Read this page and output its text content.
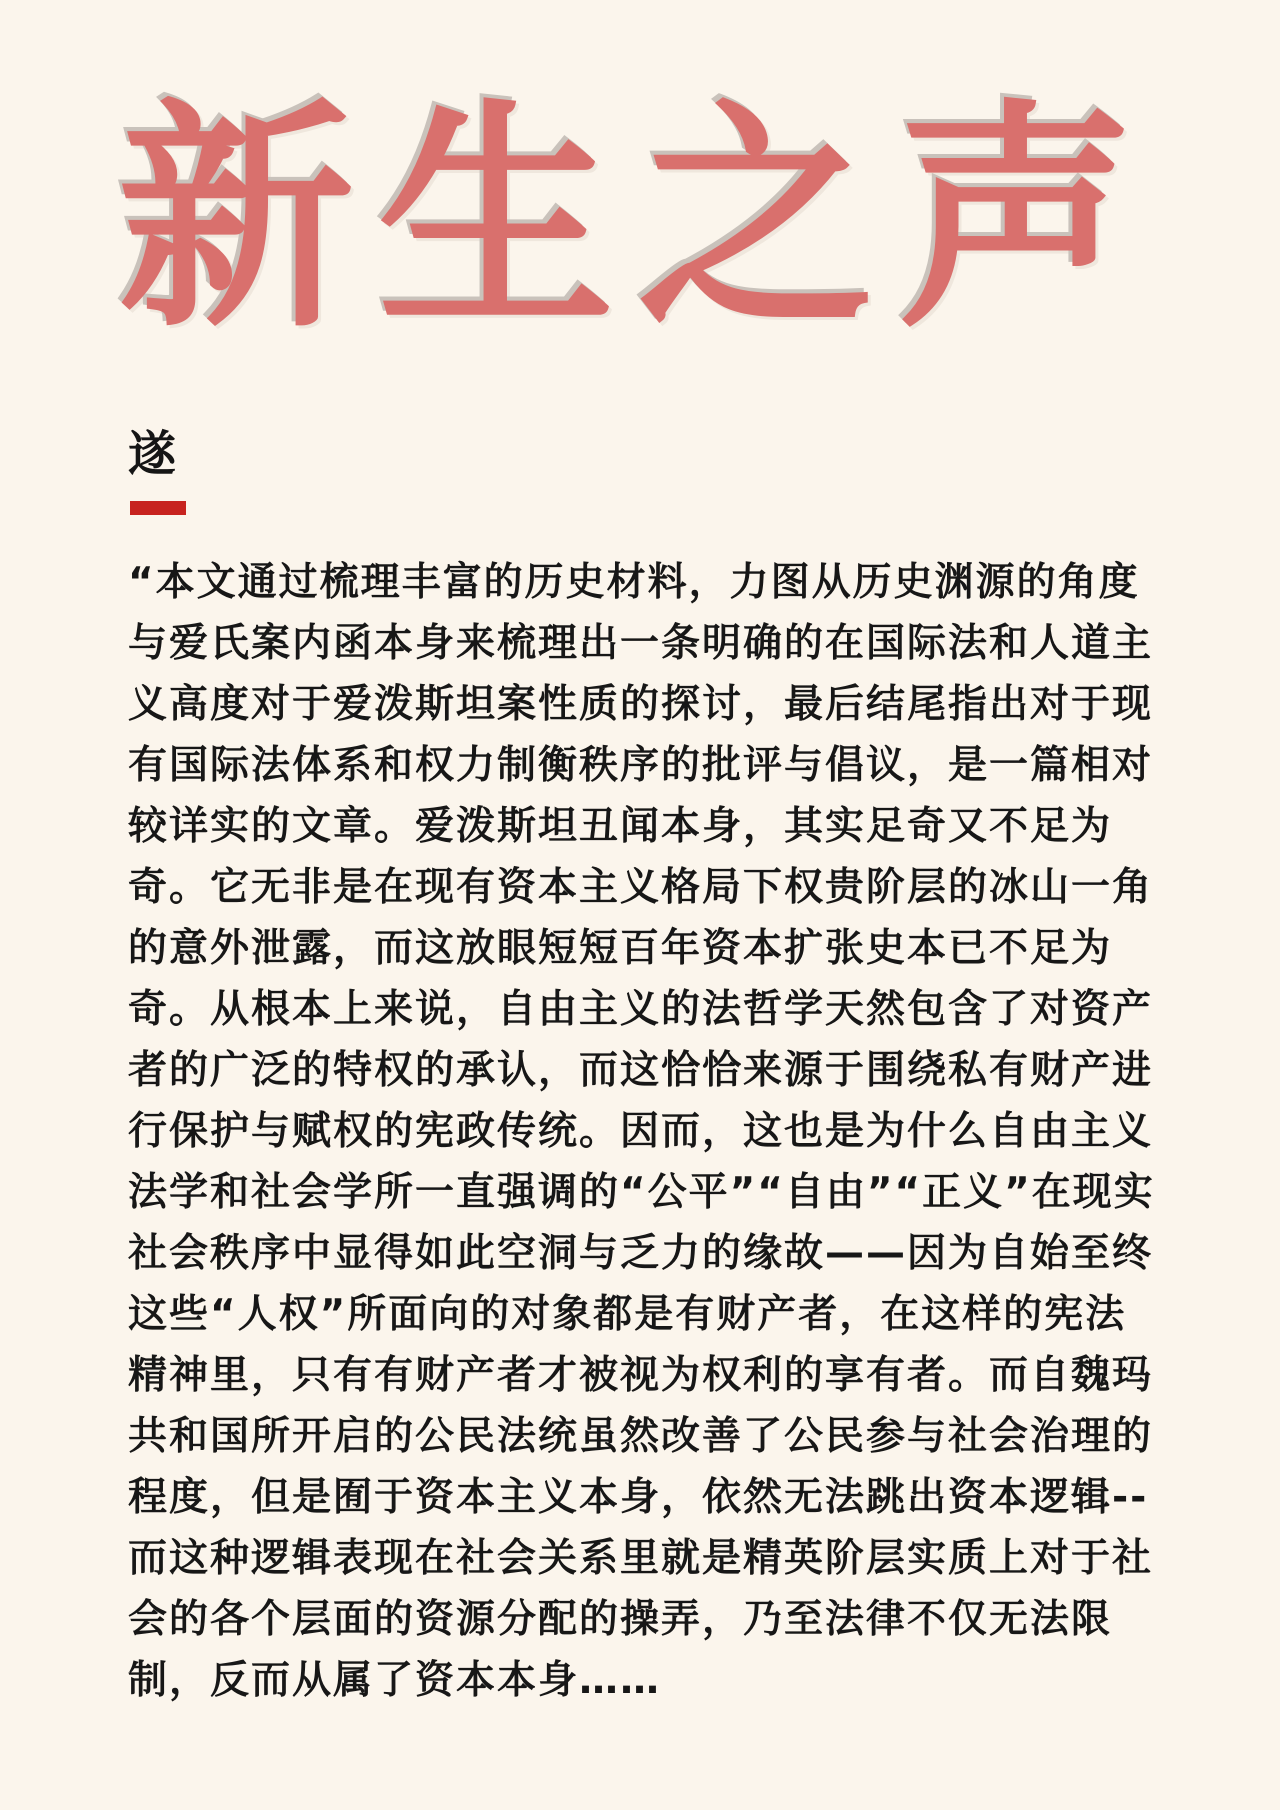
新 生 之 声
遂
“本文通过梳理丰富的历史材料，力图从历史渊源的角度与爱氏案内函本身来梳理出一条明确的在国际法和人道主义高度对于爱泼斯坦案性质的探讨，最后结尾指出对于现有国际法体系和权力制衡秩序的批评与倡议，是一篇相对较详实的文章。爱泼斯坦丑闻本身，其实足奇又不足为奇。它无非是在现有资本主义格局下权贵阶层的冰山一角的意外泄露，而这放眼短短百年资本扩张史本已不足为奇。从根本上来说，自由主义的法哲学天然包含了对资产者的广泛的特权的承认，而这恰恰来源于围绕私有财产进行保护与赋权的宪政传统。因而，这也是为什么自由主义法学和社会学所一直强调的“公平”“自由”“正义”在现实社会秩序中显得如此空洞与乏力的缘故——因为自始至终这些“人权”所面向的对象都是有财产者，在这样的宪法精神里，只有有财产者才被视为权利的享有者。而自魏玛共和国所开启的公民法统虽然改善了公民参与社会治理的程度，但是囿于资本主义本身，依然无法跳出资本逻辑--而这种逻辑表现在社会关系里就是精英阶层实质上对于社会的各个层面的资源分配的操弄，乃至法律不仅无法限制，反而从属了资本本身……
